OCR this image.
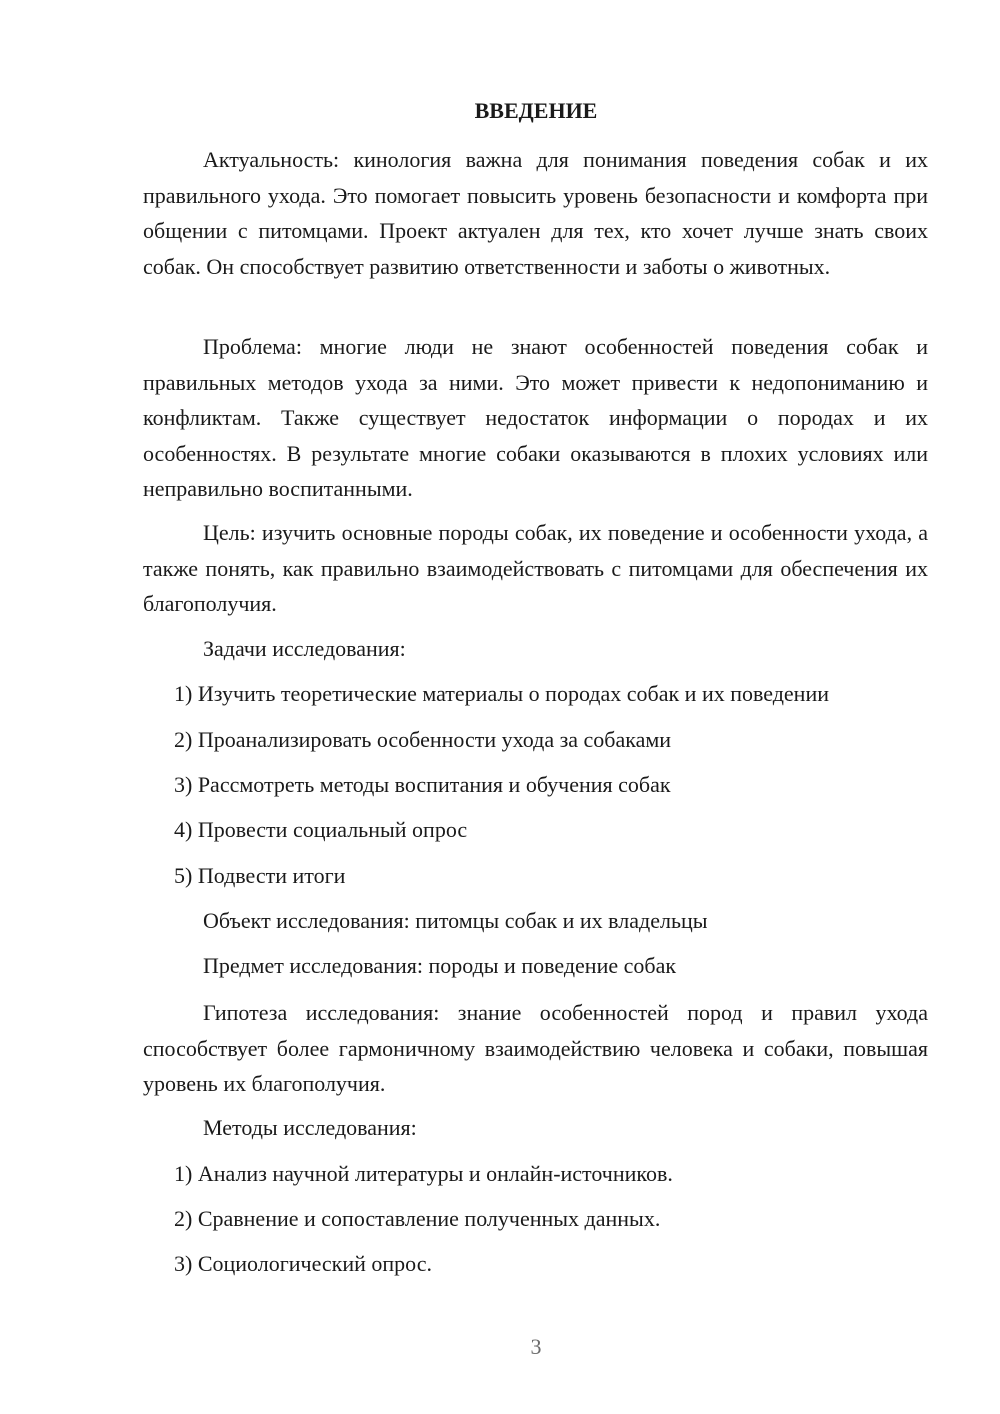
ВВЕДЕНИЕ

Актуальность: кинология важна для понимания поведения собак и их правильного ухода. Это помогает повысить уровень безопасности и комфорта при общении с питомцами. Проект актуален для тех, кто хочет лучше знать своих собак. Он способствует развитию ответственности и заботы о животных.

Проблема: многие люди не знают особенностей поведения собак и правильных методов ухода за ними. Это может привести к недопониманию и конфликтам. Также существует недостаток информации о породах и их особенностях. В результате многие собаки оказываются в плохих условиях или неправильно воспитанными.

Цель: изучить основные породы собак, их поведение и особенности ухода, а также понять, как правильно взаимодействовать с питомцами для обеспечения их благополучия.

Задачи исследования:

1) Изучить теоретические материалы о породах собак и их поведении

2) Проанализировать особенности ухода за собаками

3) Рассмотреть методы воспитания и обучения собак

4) Провести социальный опрос

5) Подвести итоги

Объект исследования: питомцы собак и их владельцы

Предмет исследования: породы и поведение собак

Гипотеза исследования: знание особенностей пород и правил ухода способствует более гармоничному взаимодействию человека и собаки, повышая уровень их благополучия.

Методы исследования:

1) Анализ научной литературы и онлайн-источников.

2) Сравнение и сопоставление полученных данных.

3) Социологический опрос.

3
